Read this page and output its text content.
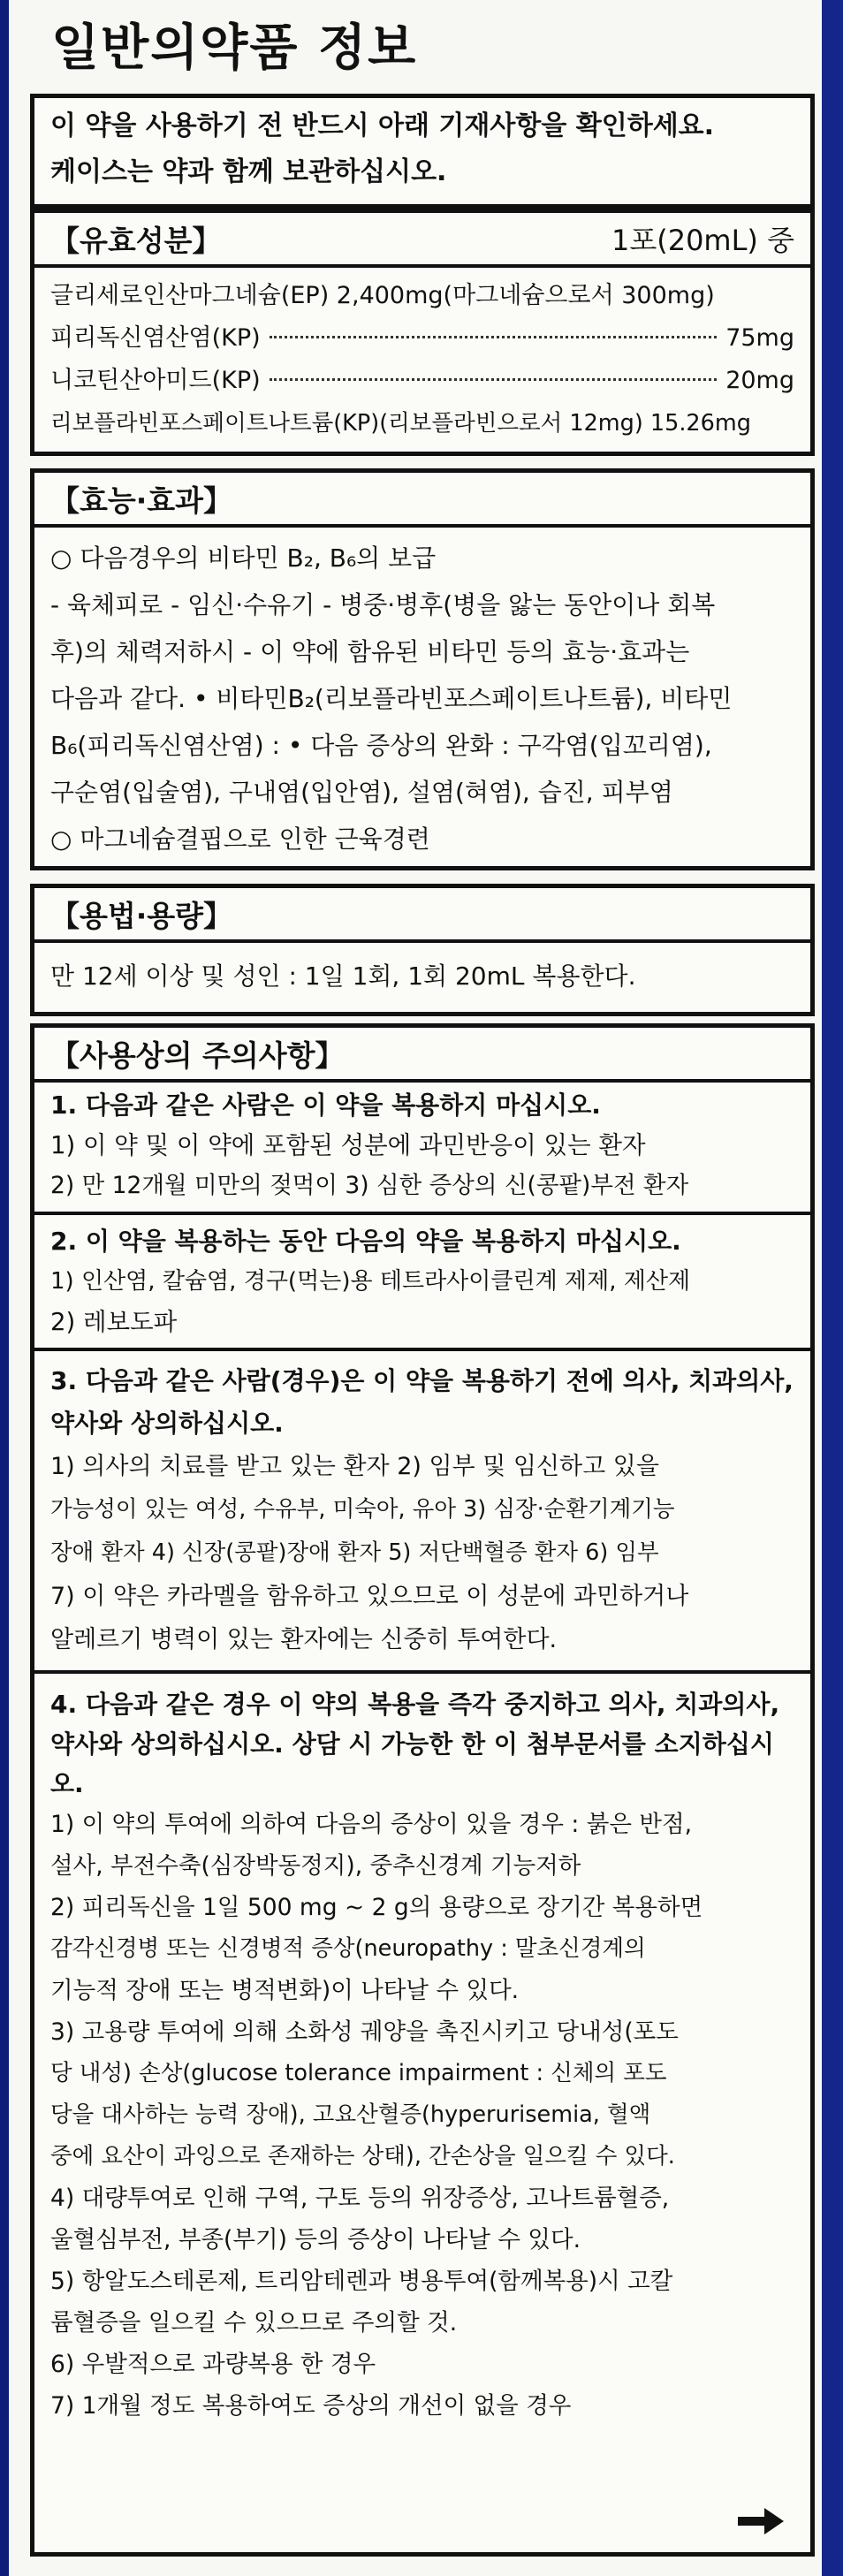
일반의약품 정보
이 약을 사용하기 전 반드시 아래 기재사항을 확인하세요.
케이스는 약과 함께 보관하십시오.
【유효성분】	1포(20mL) 중
글리세로인산마그네슘(EP) 2,400mg(마그네슘으로서 300mg)
피리독신염산염(KP)	75mg
니코틴산아미드(KP)	20mg
리보플라빈포스페이트나트륨(KP)(리보플라빈으로서 12mg) 15.26mg
【효능·효과】
○ 다음경우의 비타민 B₂, B₆의 보급
- 육체피로 - 임신·수유기 - 병중·병후(병을 앓는 동안이나 회복
후)의 체력저하시 - 이 약에 함유된 비타민 등의 효능·효과는
다음과 같다. • 비타민B₂(리보플라빈포스페이트나트륨), 비타민
B₆(피리독신염산염) : • 다음 증상의 완화 : 구각염(입꼬리염),
구순염(입술염), 구내염(입안염), 설염(혀염), 습진, 피부염
○ 마그네슘결핍으로 인한 근육경련
【용법·용량】
만 12세 이상 및 성인 : 1일 1회, 1회 20mL 복용한다.
【사용상의 주의사항】
1. 다음과 같은 사람은 이 약을 복용하지 마십시오.
1) 이 약 및 이 약에 포함된 성분에 과민반응이 있는 환자
2) 만 12개월 미만의 젖먹이 3) 심한 증상의 신(콩팥)부전 환자
2. 이 약을 복용하는 동안 다음의 약을 복용하지 마십시오.
1) 인산염, 칼슘염, 경구(먹는)용 테트라사이클린계 제제, 제산제
2) 레보도파
3. 다음과 같은 사람(경우)은 이 약을 복용하기 전에 의사, 치과의사, 약사와 상의하십시오.
1) 의사의 치료를 받고 있는 환자 2) 임부 및 임신하고 있을
가능성이 있는 여성, 수유부, 미숙아, 유아 3) 심장·순환기계기능
장애 환자 4) 신장(콩팥)장애 환자 5) 저단백혈증 환자 6) 임부
7) 이 약은 카라멜을 함유하고 있으므로 이 성분에 과민하거나
알레르기 병력이 있는 환자에는 신중히 투여한다.
4. 다음과 같은 경우 이 약의 복용을 즉각 중지하고 의사, 치과의사, 약사와 상의하십시오. 상담 시 가능한 한 이 첨부문서를 소지하십시오.
1) 이 약의 투여에 의하여 다음의 증상이 있을 경우 : 붉은 반점,
설사, 부전수축(심장박동정지), 중추신경계 기능저하
2) 피리독신을 1일 500 mg ~ 2 g의 용량으로 장기간 복용하면
감각신경병 또는 신경병적 증상(neuropathy : 말초신경계의
기능적 장애 또는 병적변화)이 나타날 수 있다.
3) 고용량 투여에 의해 소화성 궤양을 촉진시키고 당내성(포도
당 내성) 손상(glucose tolerance impairment : 신체의 포도
당을 대사하는 능력 장애), 고요산혈증(hyperurisemia, 혈액
중에 요산이 과잉으로 존재하는 상태), 간손상을 일으킬 수 있다.
4) 대량투여로 인해 구역, 구토 등의 위장증상, 고나트륨혈증,
울혈심부전, 부종(부기) 등의 증상이 나타날 수 있다.
5) 항알도스테론제, 트리암테렌과 병용투여(함께복용)시 고칼
륨혈증을 일으킬 수 있으므로 주의할 것.
6) 우발적으로 과량복용 한 경우
7) 1개월 정도 복용하여도 증상의 개선이 없을 경우
